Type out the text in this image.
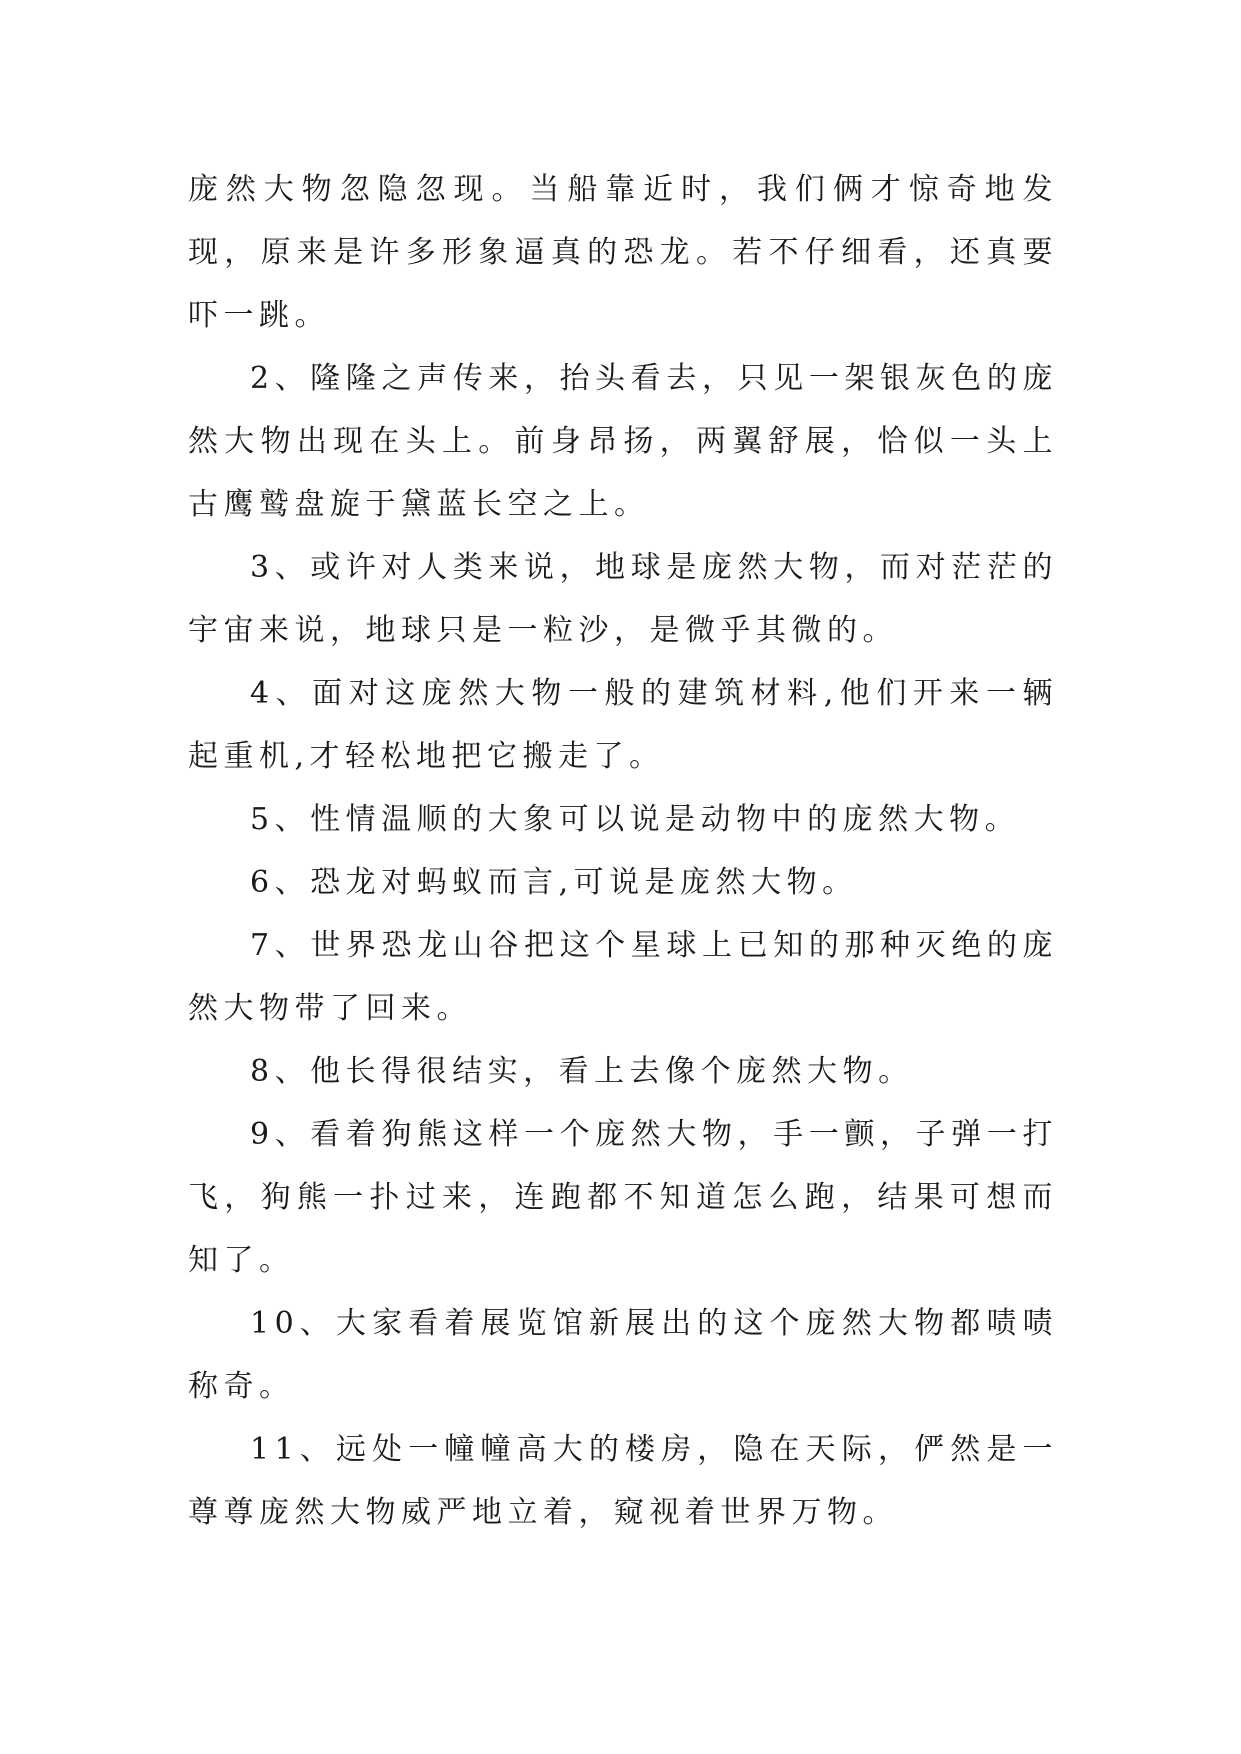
庞然大物忽隐忽现。当船靠近时，我们俩才惊奇地发现，原来是许多形象逼真的恐龙。若不仔细看，还真要吓一跳。

2、隆隆之声传来，抬头看去，只见一架银灰色的庞然大物出现在头上。前身昂扬，两翼舒展，恰似一头上古鹰鹫盘旋于黛蓝长空之上。

3、或许对人类来说，地球是庞然大物，而对茫茫的宇宙来说，地球只是一粒沙，是微乎其微的。

4、面对这庞然大物一般的建筑材料,他们开来一辆起重机,才轻松地把它搬走了。

5、性情温顺的大象可以说是动物中的庞然大物。

6、恐龙对蚂蚁而言,可说是庞然大物。

7、世界恐龙山谷把这个星球上已知的那种灭绝的庞然大物带了回来。

8、他长得很结实，看上去像个庞然大物。

9、看着狗熊这样一个庞然大物，手一颤，子弹一打飞，狗熊一扑过来，连跑都不知道怎么跑，结果可想而知了。

10、大家看着展览馆新展出的这个庞然大物都啧啧称奇。

11、远处一幢幢高大的楼房，隐在天际，俨然是一尊尊庞然大物威严地立着，窥视着世界万物。
